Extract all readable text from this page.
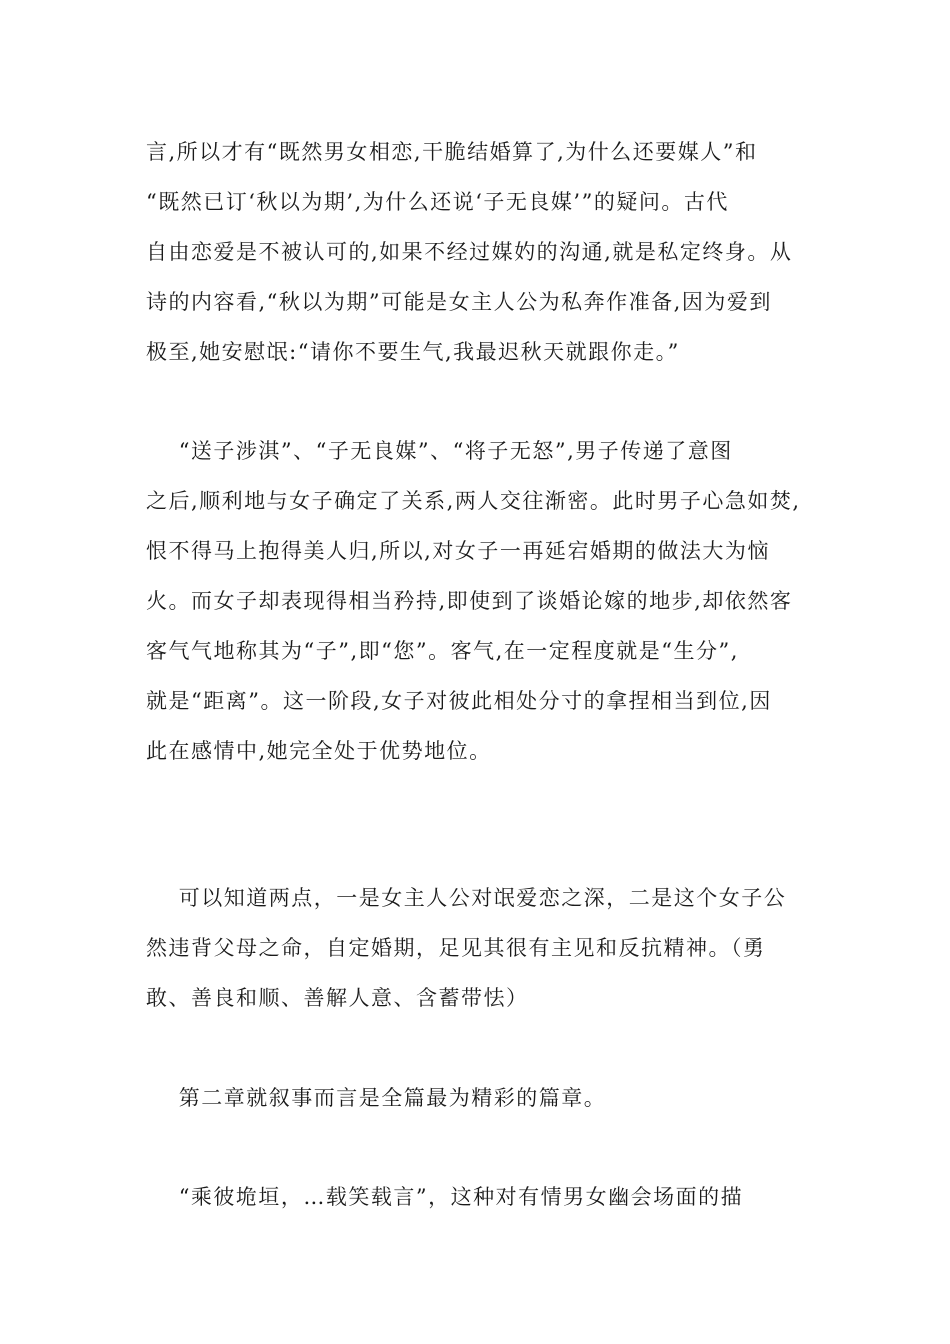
言,所以才有“既然男女相恋,干脆结婚算了,为什么还要媒人”和
“既然已订‘秋以为期’,为什么还说‘子无良媒’”的疑问。古代
自由恋爱是不被认可的,如果不经过媒妁的沟通,就是私定终身。从
诗的内容看,“秋以为期”可能是女主人公为私奔作准备,因为爱到
极至,她安慰氓:“请你不要生气,我最迟秋天就跟你走。”
“送子涉淇”、“子无良媒”、“将子无怒”,男子传递了意图
之后,顺利地与女子确定了关系,两人交往渐密。此时男子心急如焚,
恨不得马上抱得美人归,所以,对女子一再延宕婚期的做法大为恼
火。而女子却表现得相当矜持,即使到了谈婚论嫁的地步,却依然客
客气气地称其为“子”,即“您”。客气,在一定程度就是“生分”,
就是“距离”。这一阶段,女子对彼此相处分寸的拿捏相当到位,因
此在感情中,她完全处于优势地位。
可以知道两点，一是女主人公对氓爱恋之深，二是这个女子公
然违背父母之命，自定婚期，足见其很有主见和反抗精神。（勇
敢、善良和顺、善解人意、含蓄带怯）
第二章就叙事而言是全篇最为精彩的篇章。
“乘彼垝垣，…载笑载言”，这种对有情男女幽会场面的描
